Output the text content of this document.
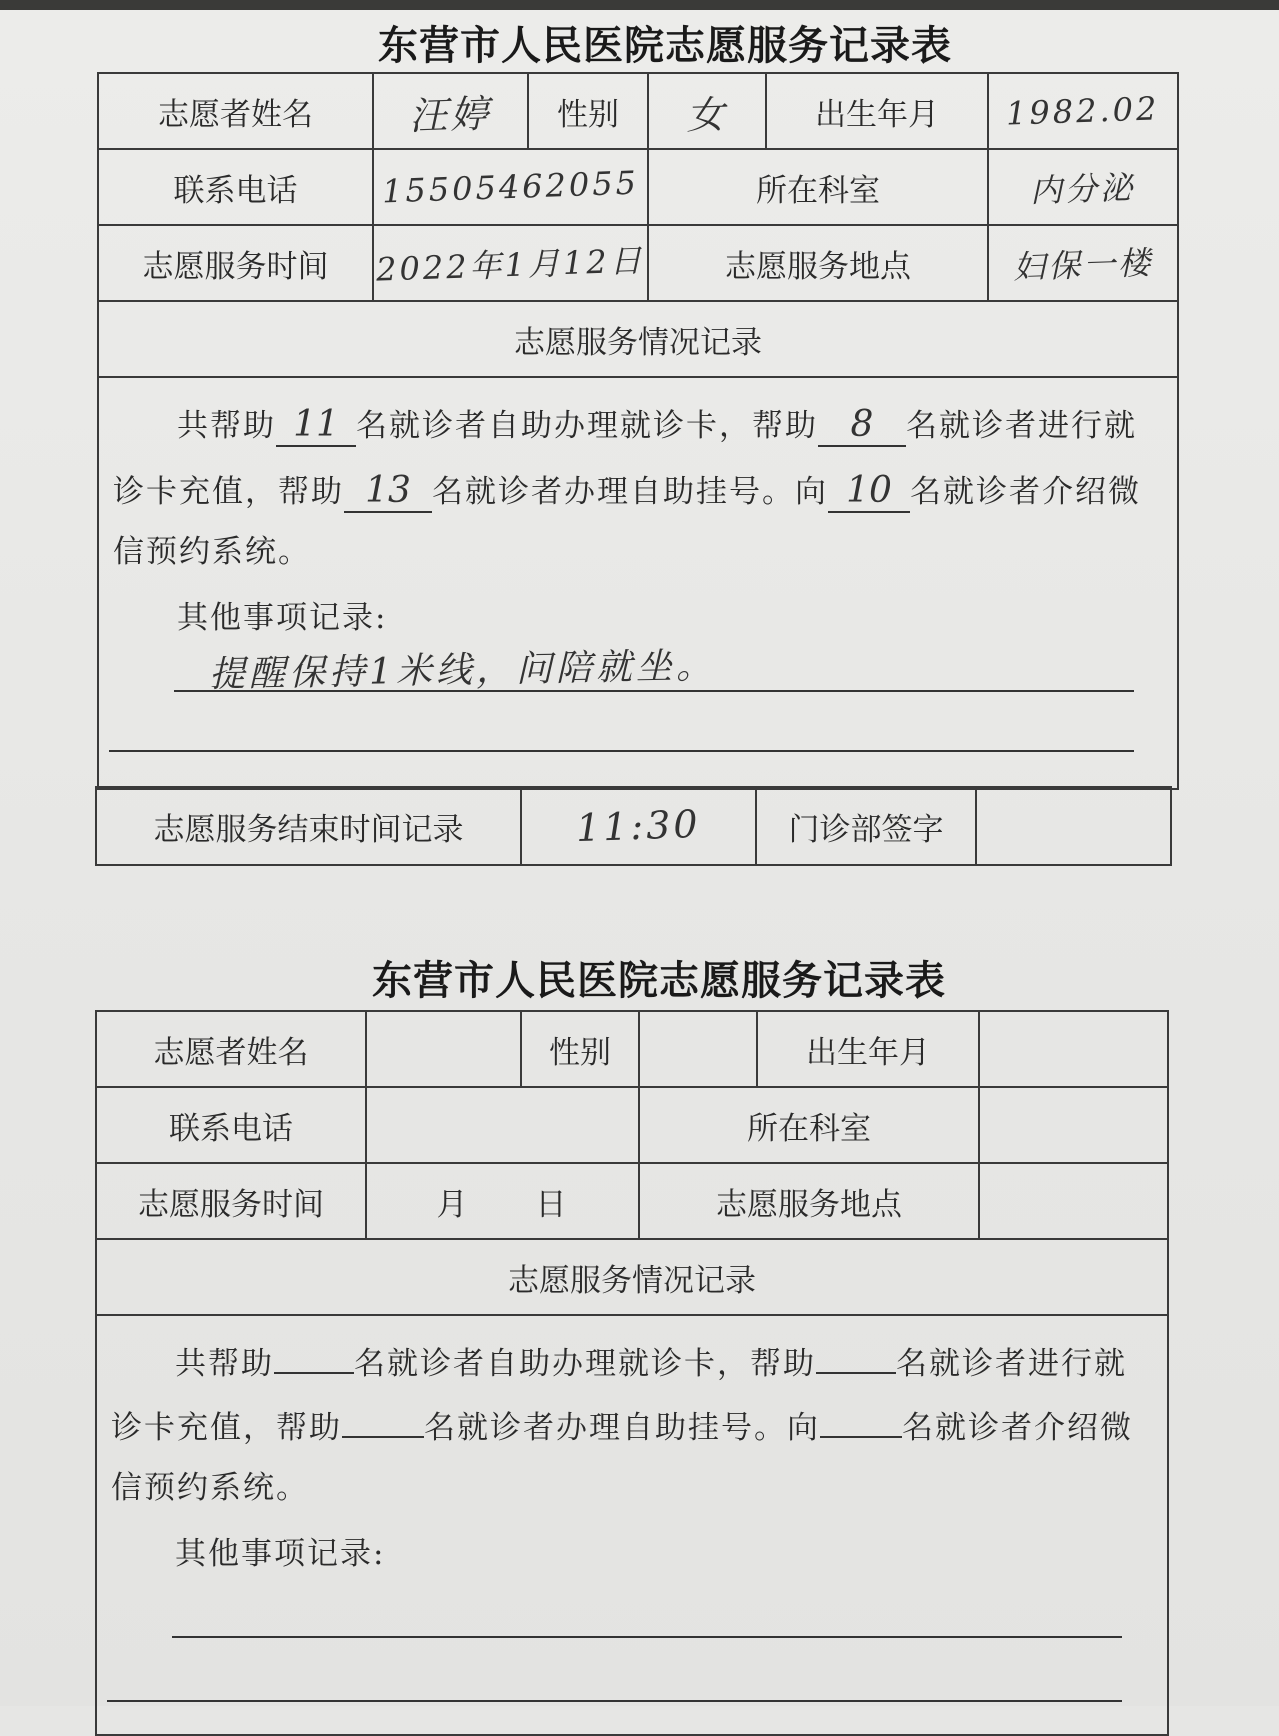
东营市人民医院志愿服务记录表
志愿者姓名	汪婷	性别	女	出生年月	1982.02
联系电话	15505462055		所在科室		内分泌
志愿服务时间	2022年1月12日		志愿服务地点		妇保一楼
志愿服务情况记录					

共帮助 11 名就诊者自助办理就诊卡，帮助 8 名就诊者进行就
诊卡充值，帮助 13 名就诊者办理自助挂号。向 10 名就诊者介绍微
信预约系统。
其他事项记录:
提醒保持1米线，问陪就坐。					
志愿服务结束时间记录	11:30	门诊部签字	
东营市人民医院志愿服务记录表
志愿者姓名		性别		出生年月	
联系电话			所在科室		
志愿服务时间	月　　日		志愿服务地点		
志愿服务情况记录					

共帮助 名就诊者自助办理就诊卡，帮助 名就诊者进行就
诊卡充值，帮助 名就诊者办理自助挂号。向 名就诊者介绍微
信预约系统。
其他事项记录:					
